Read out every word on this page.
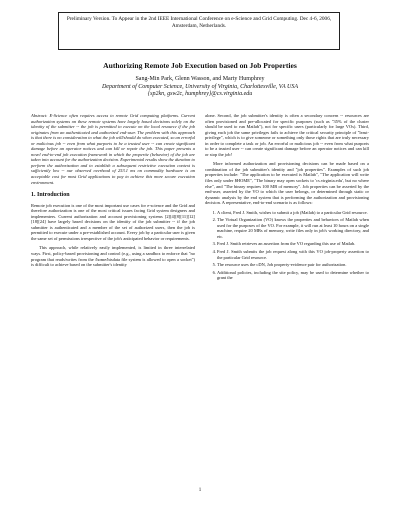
Preliminary Version. To Appear in the 2nd IEEE International Conference on e-Science and Grid Computing. Dec 4-6, 2006, Amsterdam, Netherlands.
Authorizing Remote Job Execution based on Job Properties
Sang-Min Park, Glenn Wasson, and Marty Humphrey
Department of Computer Science, University of Virginia, Charlottesville, VA USA
{sp2kn, gsw2c, humphrey}@cs.virginia.edu

Abstract: E-Science often requires access to remote Grid computing platforms. Current authorization systems on these remote systems have largely based decisions solely on the identity of the submitter -- the job is permitted to execute on the local resource if the job originates from an authenticated and authorized end-user. The problem with this approach is that there is no consideration to what the job will/should do when executed, so an errorful or malicious job -- even from what purports to be a trusted user -- can create significant damage before an operator notices and can kill or repair the job. This paper presents a novel end-to-end job execution framework in which the propertie (behavior) of the job are taken into account for the authorization decision. Experimental results show the duration to perform the authorization and to establish a subsequent restrictive execution context is sufficiently low -- our observed overhead of 253.1 ms on commodity hardware is an acceptable cost for most Grid applications to pay to achieve this more secure execution environment.

1. Introduction

Remote job execution is one of the most important use cases for e-science and the Grid and therefore authorization is one of the most critical issues facing Grid system designers and implementers. Current authorization and account provisioning systems [2][4][8][11][12][18][24] have largely based decisions on the identity of the job submitter -- if the job submitter is authenticated and a member of the set of authorized users, then the job is permitted to execute under a pre-established account. Every job by a particular user is given the same set of permissions irrespective of the job's anticipated behavior or requirements.

This approach, while relatively easily implemented, is limited in three interrelated ways. First, policy-based provisioning and control (e.g., using a sandbox to enforce that "no program that reads/writes from the /home/htsdata file system is allowed to open a socket") is difficult to achieve based on the submitter's identity

alone. Second, the job submitter's identity is often a secondary concern -- resources are often provisioned and pre-allocated for specific purposes (such as "35% of the cluster should be used to run Matlab"), not for specific users (particularly for large VOs). Third, giving each job the same privileges fails to achieve the critical security principle of "least-privilege", which is to give someone or something only those rights that are truly necessary in order to complete a task or job. An errorful or malicious job -- even from what purports to be a trusted user -- can create significant damage before an operator notices and can kill or stop the job!

More informed authorization and provisioning decisions can be made based on a combination of the job submitter's identity and "job properties". Examples of such job properties include: "The application to be executed is Matlab", "The application will write files only under $HOME", "The binary may open sockets to 'cs.virginia.edu', but no where else", and "The binary requires 100 MB of memory". Job properties can be asserted by the end-user, asserted by the VO to which the user belongs, or determined through static or dynamic analysis by the end system that is performing the authorization and provisioning decision. A representative, end-to-end scenario is as follows:

1. A client, Fred J. Smith, wishes to submit a job (Matlab) to a particular Grid resource.
2. The Virtual Organization (VO) knows the properties and behaviors of Matlab when used for the purposes of the VO. For example, it will run at least 10 hours on a single machine, require 20 MBs of memory, write files only in job's working directory, and etc.
3. Fred J. Smith retrieves an assertion from the VO regarding this use of Matlab.
4. Fred J. Smith submits the job request along with this VO job-property assertion to the particular Grid resource.
5. The resource uses the cDN, Job property-evidence pair for authorization.
6. Additional policies, including the site policy, may be used to determine whether to grant the
1
